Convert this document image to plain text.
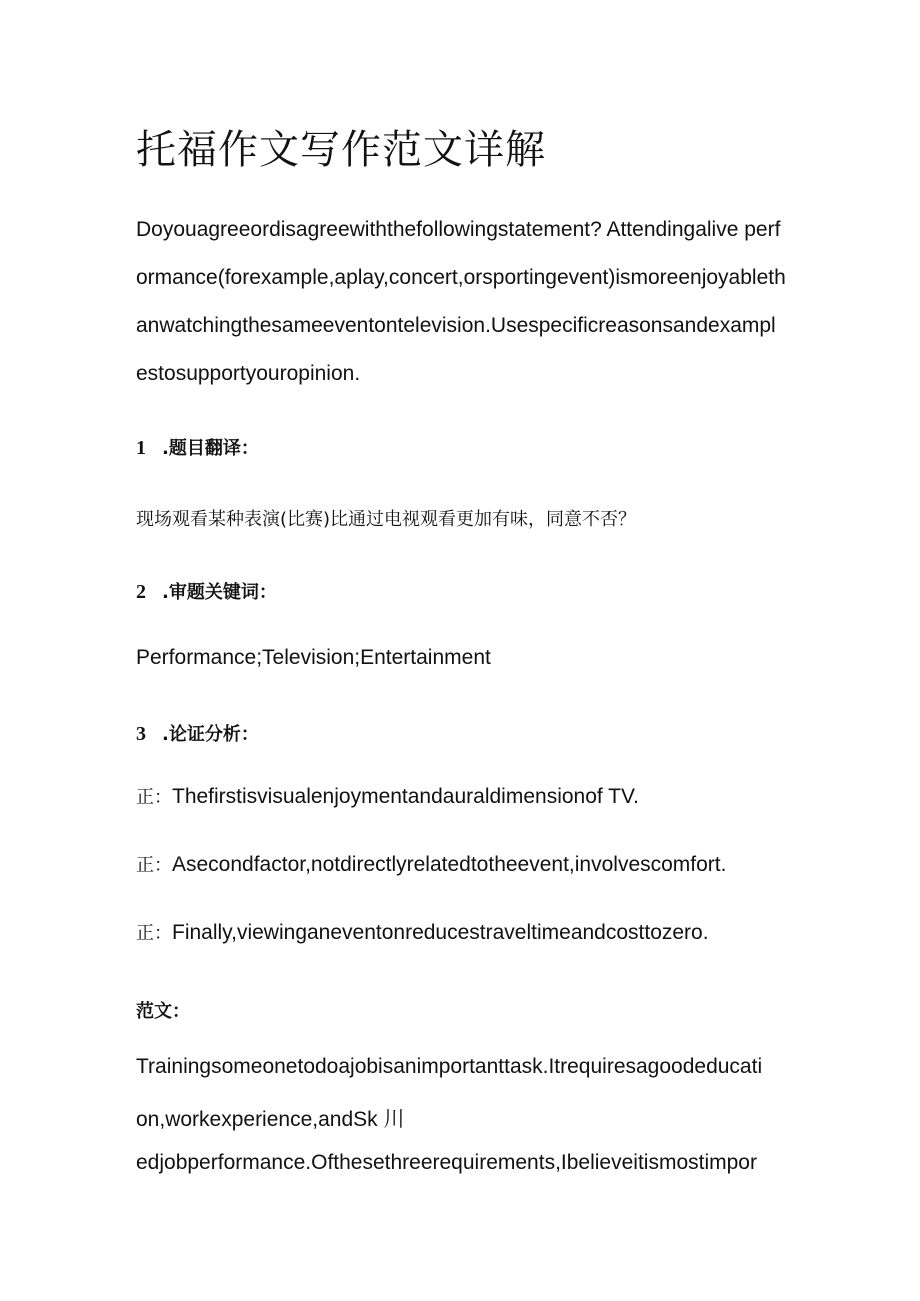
托福作文写作范文详解

Doyouagreeordisagreewiththefollowingstatement? Attendingalive performance(forexample,aplay,concert,orsportingevent)ismoreenjoyablethanwatchingthesameeventontelevision.Usespecificreasonsandexamplestosupportyouropinion.

1 .题目翻译：
现场观看某种表演(比赛)比通过电视观看更加有味，同意不否？
2 .审题关键词：
Performance;Television;Entertainment
3 .论证分析：
正：Thefirstisvisualenjoymentandauraldimensionof TV.
正：Asecondfactor,notdirectlyrelatedtotheevent,involvescomfort.
正：Finally,viewinganeventonreducestraveltimeandcosttozero.
范文：
Trainingsomeonetodoajobisanimportanttask.Itrequiresagoodeducati
on,workexperience,andSk 川
edjobperformance.Ofthesethreerequirements,Ibelieveitismostimpor
